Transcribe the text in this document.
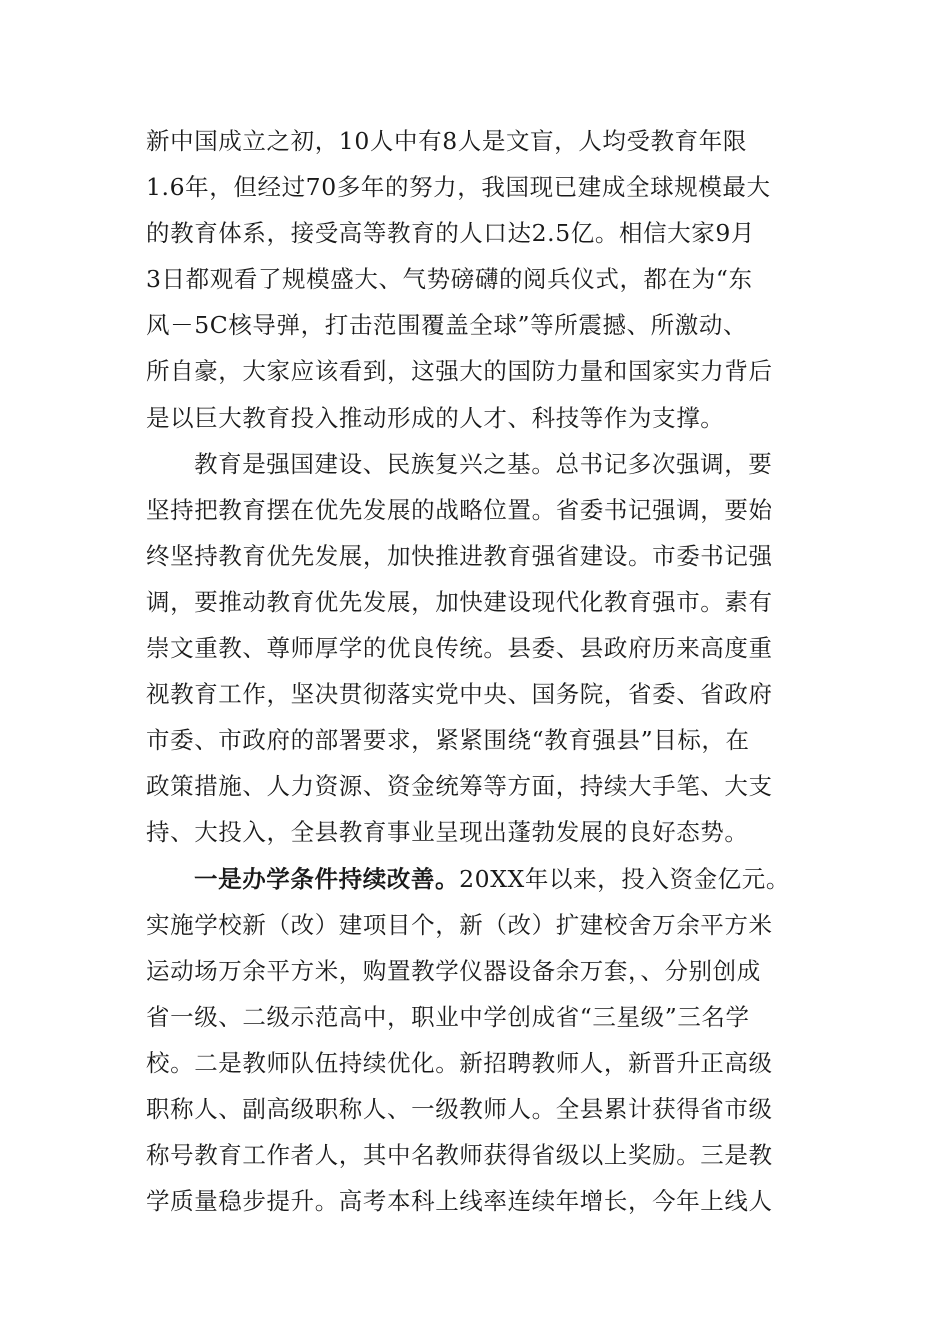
新中国成立之初，10人中有8人是文盲，人均受教育年限
1.6年，但经过70多年的努力，我国现已建成全球规模最大
的教育体系，接受高等教育的人口达2.5亿。相信大家9月
3日都观看了规模盛大、气势磅礴的阅兵仪式，都在为“东
风－5C核导弹，打击范围覆盖全球”等所震撼、所激动、
所自豪，大家应该看到，这强大的国防力量和国家实力背后
是以巨大教育投入推动形成的人才、科技等作为支撑。
教育是强国建设、民族复兴之基。总书记多次强调，要
坚持把教育摆在优先发展的战略位置。省委书记强调，要始
终坚持教育优先发展，加快推进教育强省建设。市委书记强
调，要推动教育优先发展，加快建设现代化教育强市。素有
崇文重教、尊师厚学的优良传统。县委、县政府历来高度重
视教育工作，坚决贯彻落实党中央、国务院，省委、省政府
市委、市政府的部署要求，紧紧围绕“教育强县”目标，在
政策措施、人力资源、资金统筹等方面，持续大手笔、大支
持、大投入，全县教育事业呈现出蓬勃发展的良好态势。
一是办学条件持续改善。20XX年以来，投入资金亿元。
实施学校新（改）建项目个，新（改）扩建校舍万余平方米
运动场万余平方米，购置教学仪器设备余万套，、分别创成
省一级、二级示范高中，职业中学创成省“三星级”三名学
校。二是教师队伍持续优化。新招聘教师人，新晋升正高级
职称人、副高级职称人、一级教师人。全县累计获得省市级
称号教育工作者人，其中名教师获得省级以上奖励。三是教
学质量稳步提升。高考本科上线率连续年增长，今年上线人
